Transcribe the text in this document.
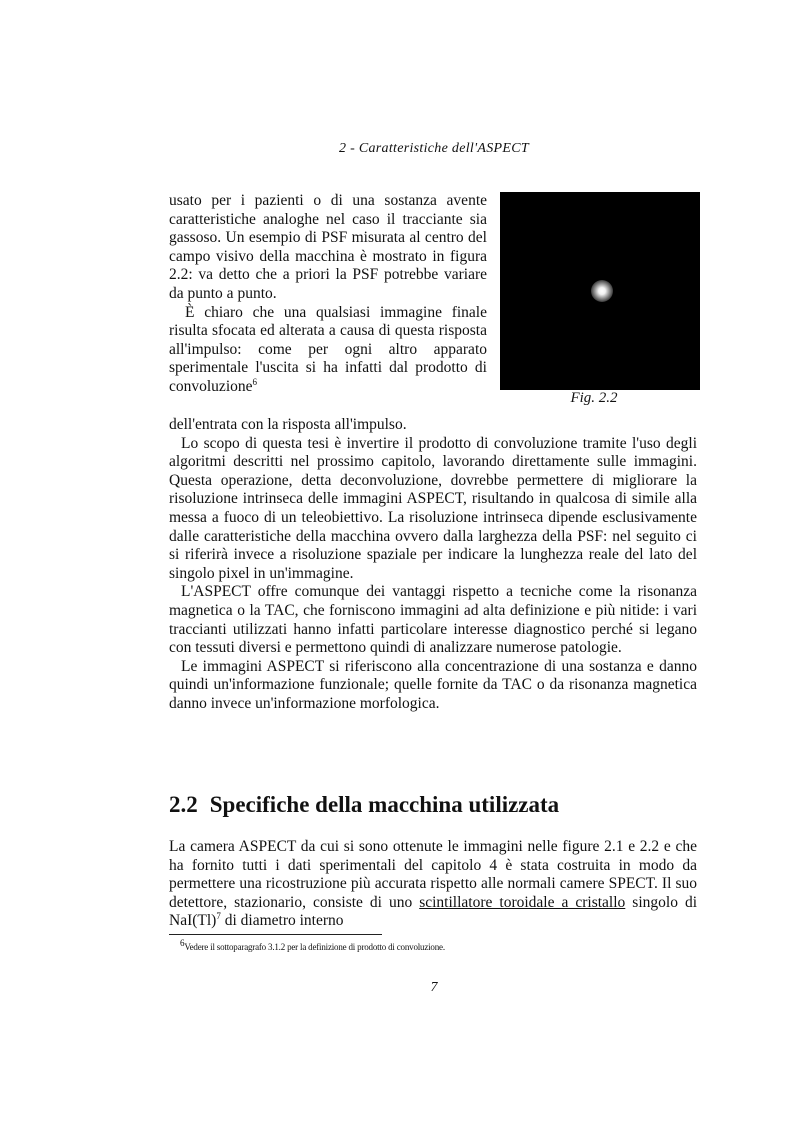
2 - Caratteristiche dell'ASPECT
Fig. 2.2

usato per i pazienti o di una sostanza avente caratteristiche analoghe nel caso il tracciante sia gassoso. Un esempio di PSF misurata al centro del campo visivo della macchina è mostrato in figura 2.2: va detto che a priori la PSF potrebbe variare da punto a punto.

È chiaro che una qualsiasi immagine finale risulta sfocata ed alterata a causa di questa risposta all'impulso: come per ogni altro apparato sperimentale l'uscita si ha infatti dal prodotto di convoluzione$^6$

dell'entrata con la risposta all'impulso.

Lo scopo di questa tesi è invertire il prodotto di convoluzione tramite l'uso degli algoritmi descritti nel prossimo capitolo, lavorando direttamente sulle immagini. Questa operazione, detta deconvoluzione, dovrebbe permettere di migliorare la risoluzione intrinseca delle immagini ASPECT, risultando in qualcosa di simile alla messa a fuoco di un teleobiettivo. La risoluzione intrinseca dipende esclusivamente dalle caratteristiche della macchina ovvero dalla larghezza della PSF: nel seguito ci si riferirà invece a risoluzione spaziale per indicare la lunghezza reale del lato del singolo pixel in un'immagine.

L'ASPECT offre comunque dei vantaggi rispetto a tecniche come la risonanza magnetica o la TAC, che forniscono immagini ad alta definizione e più nitide: i vari traccianti utilizzati hanno infatti particolare interesse diagnostico perché si legano con tessuti diversi e permettono quindi di analizzare numerose patologie.

Le immagini ASPECT si riferiscono alla concentrazione di una sostanza e danno quindi un'informazione funzionale; quelle fornite da TAC o da risonanza magnetica danno invece un'informazione morfologica.

2.2 Specifiche della macchina utilizzata

La camera ASPECT da cui si sono ottenute le immagini nelle figure 2.1 e 2.2 e che ha fornito tutti i dati sperimentali del capitolo 4 è stata costruita in modo da permettere una ricostruzione più accurata rispetto alle normali camere SPECT. Il suo detettore, stazionario, consiste di uno scintillatore toroidale a cristallo singolo di $NaI(Tl)^7$ di diametro interno

$^6$Vedere il sottoparagrafo 3.1.2 per la definizione di prodotto di convoluzione.
7
